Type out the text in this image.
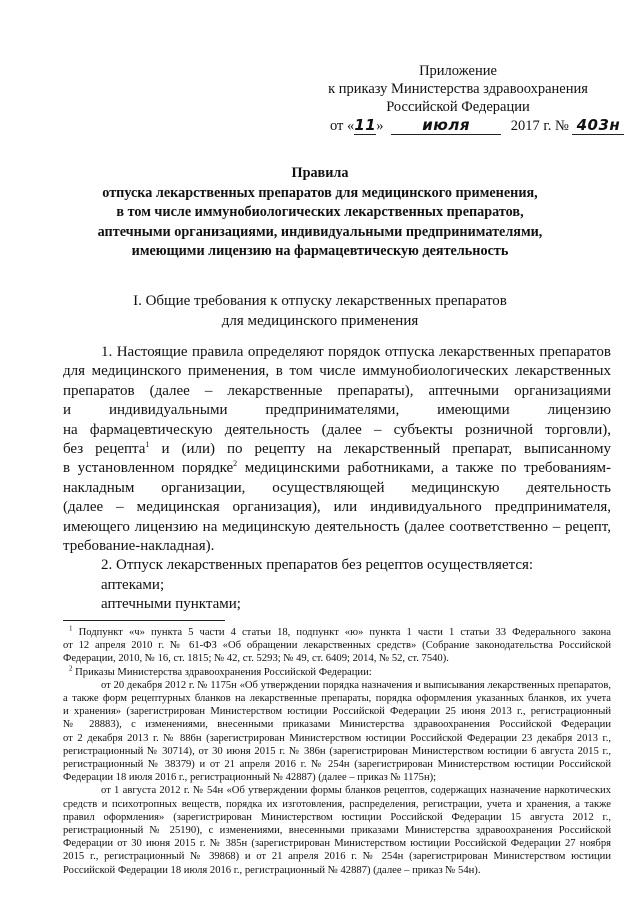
Приложение
к приказу Министерства здравоохранения
Российской Федерации
от «11»	июля	2017 г. № 403н
Правила
отпуска лекарственных препаратов для медицинского применения,
в том числе иммунобиологических лекарственных препаратов,
аптечными организациями, индивидуальными предпринимателями,
имеющими лицензию на фармацевтическую деятельность
I. Общие требования к отпуску лекарственных препаратов
для медицинского применения
1. Настоящие правила определяют порядок отпуска лекарственных препаратов
для медицинского применения, в том числе иммунобиологических лекарственных
препаратов (далее – лекарственные препараты), аптечными организациями
и индивидуальными предпринимателями, имеющими лицензию
на фармацевтическую деятельность (далее – субъекты розничной торговли),
без рецепта$^1$ и (или) по рецепту на лекарственный препарат, выписанному
в установленном порядке$^2$ медицинскими работниками, а также по требованиям-
накладным организации, осуществляющей медицинскую деятельность
(далее – медицинская организация), или индивидуального предпринимателя,
имеющего лицензию на медицинскую деятельность (далее соответственно – рецепт,
требование-накладная).
2. Отпуск лекарственных препаратов без рецептов осуществляется:
аптеками;
аптечными пунктами;
$^1$ Подпункт «ч» пункта 5 части 4 статьи 18, подпункт «ю» пункта 1 части 1 статьи 33 Федерального закона
от 12 апреля 2010 г. № 61-ФЗ «Об обращении лекарственных средств» (Собрание законодательства Российской
Федерации, 2010, № 16, ст. 1815; № 42, ст. 5293; № 49, ст. 6409; 2014, № 52, ст. 7540).
$^2$ Приказы Министерства здравоохранения Российской Федерации:
от 20 декабря 2012 г. № 1175н «Об утверждении порядка назначения и выписывания лекарственных препаратов,
а также форм рецептурных бланков на лекарственные препараты, порядка оформления указанных бланков, их учета
и хранения» (зарегистрирован Министерством юстиции Российской Федерации 25 июня 2013 г., регистрационный
№ 28883), с изменениями, внесенными приказами Министерства здравоохранения Российской Федерации
от 2 декабря 2013 г. № 886н (зарегистрирован Министерством юстиции Российской Федерации 23 декабря 2013 г.,
регистрационный № 30714), от 30 июня 2015 г. № 386н (зарегистрирован Министерством юстиции 6 августа 2015 г.,
регистрационный № 38379) и от 21 апреля 2016 г. № 254н (зарегистрирован Министерством юстиции Российской
Федерации 18 июля 2016 г., регистрационный № 42887) (далее – приказ № 1175н);
от 1 августа 2012 г. № 54н «Об утверждении формы бланков рецептов, содержащих назначение наркотических
средств и психотропных веществ, порядка их изготовления, распределения, регистрации, учета и хранения, а также
правил оформления» (зарегистрирован Министерством юстиции Российской Федерации 15 августа 2012 г.,
регистрационный № 25190), с изменениями, внесенными приказами Министерства здравоохранения Российской
Федерации от 30 июня 2015 г. № 385н (зарегистрирован Министерством юстиции Российской Федерации 27 ноября
2015 г., регистрационный № 39868) и от 21 апреля 2016 г. № 254н (зарегистрирован Министерством юстиции
Российской Федерации 18 июля 2016 г., регистрационный № 42887) (далее – приказ № 54н).
